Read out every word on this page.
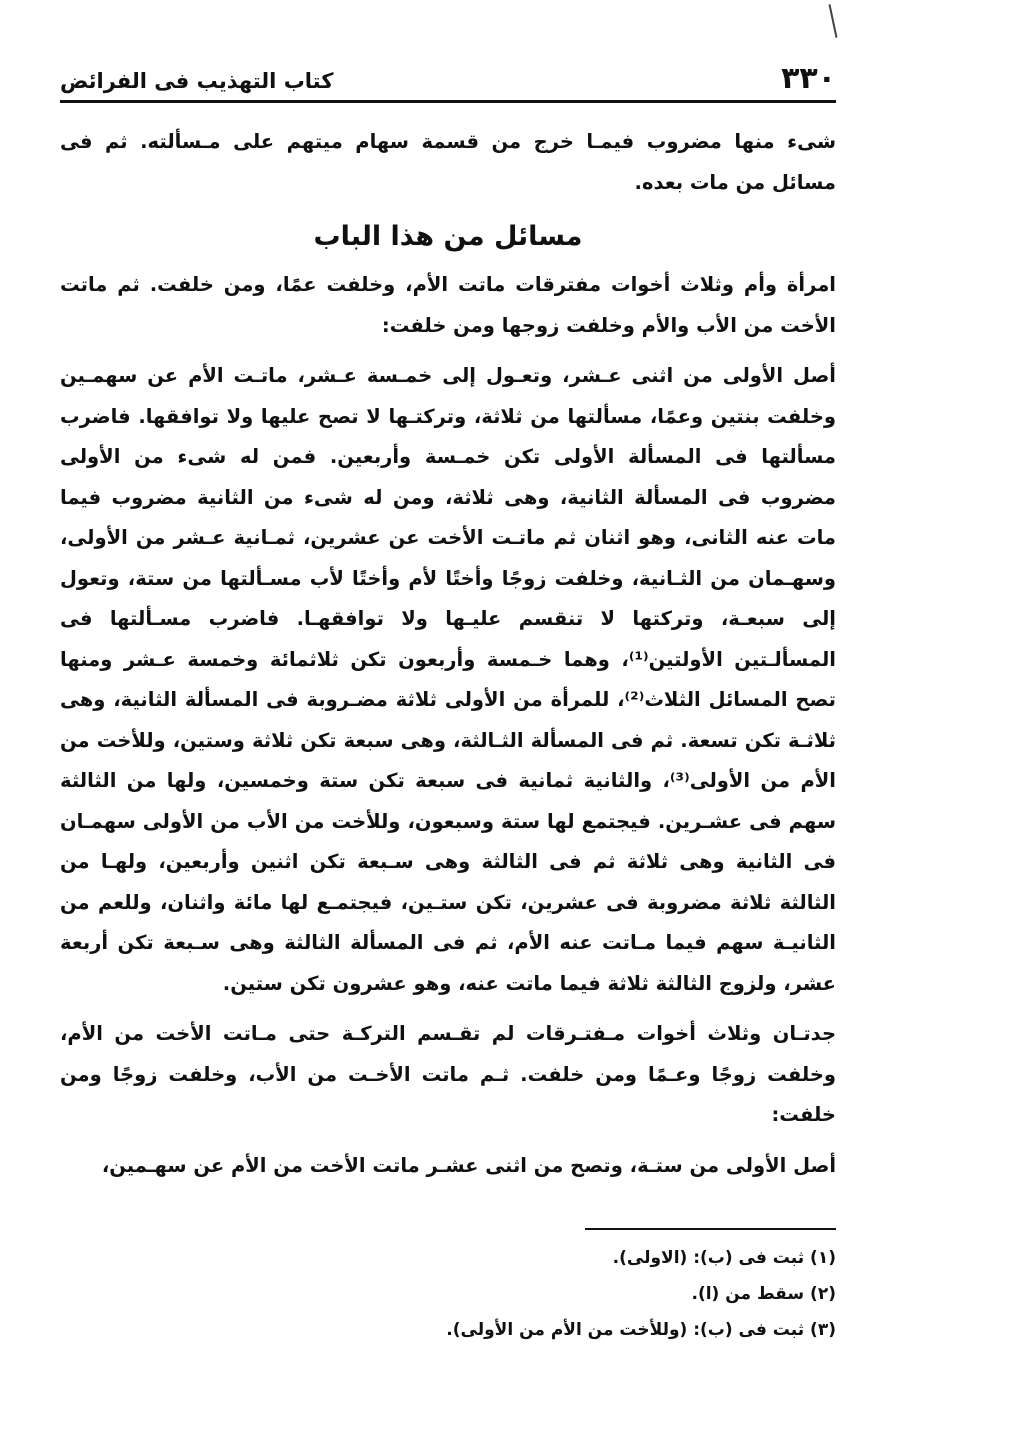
٣٣٠
كتاب التهذيب فى الفرائض

شىء منها مضروب فيمـا خرج من قسمة سهام ميتهم على مـسألته. ثم فى مسائل من مات بعده.

مسائل من هذا الباب

امرأة وأم وثلاث أخوات مفترقات ماتت الأم، وخلفت عمًا، ومن خلفت. ثم ماتت الأخت من الأب والأم وخلفت زوجها ومن خلفت:

أصل الأولى من اثنى عـشر، وتعـول إلى خمـسة عـشر، ماتـت الأم عن سهمـين وخلفت بنتين وعمًا، مسألتها من ثلاثة، وتركتـها لا تصح عليها ولا توافقها. فاضرب مسألتها فى المسألة الأولى تكن خمـسة وأربعين. فمن له شىء من الأولى مضروب فى المسألة الثانية، وهى ثلاثة، ومن له شىء من الثانية مضروب فيما مات عنه الثانى، وهو اثنان ثم ماتـت الأخت عن عشرين، ثمـانية عـشر من الأولى، وسهـمان من الثـانية، وخلفت زوجًا وأختًا لأم وأختًا لأب مسـألتها من ستة، وتعول إلى سبعـة، وتركتها لا تنقسم عليـها ولا توافقهـا. فاضرب مسـألتها فى المسألـتين الأولتين⁽¹⁾، وهما خـمسة وأربعون تكن ثلاثمائة وخمسة عـشر ومنها تصح المسائل الثلاث⁽²⁾، للمرأة من الأولى ثلاثة مضـروبة فى المسألة الثانية، وهى ثلاثـة تكن تسعة. ثم فى المسألة الثـالثة، وهى سبعة تكن ثلاثة وستين، وللأخت من الأم من الأولى⁽³⁾، والثانية ثمانية فى سبعة تكن ستة وخمسين، ولها من الثالثة سهم فى عشـرين. فيجتمع لها ستة وسبعون، وللأخت من الأب من الأولى سهمـان فى الثانية وهى ثلاثة ثم فى الثالثة وهى سـبعة تكن اثنين وأربعين، ولهـا من الثالثة ثلاثة مضروبة فى عشرين، تكن ستـين، فيجتمـع لها مائة واثنان، وللعم من الثانيـة سهم فيما مـاتت عنه الأم، ثم فى المسألة الثالثة وهى سـبعة تكن أربعة عشر، ولزوج الثالثة ثلاثة فيما ماتت عنه، وهو عشرون تكن ستين.

جدتـان وثلاث أخوات مـفتـرقات لم تقـسم التركـة حتى مـاتت الأخت من الأم، وخلفت زوجًا وعـمًا ومن خلفت. ثـم ماتت الأخـت من الأب، وخلفت زوجًا ومن خلفت:

أصل الأولى من ستـة، وتصح من اثنى عشـر ماتت الأخت من الأم عن سهـمين،

(١) ثبت فى (ب): (الاولى).
(٢) سقط من (ا).
(٣) ثبت فى (ب): (وللأخت من الأم من الأولى).
